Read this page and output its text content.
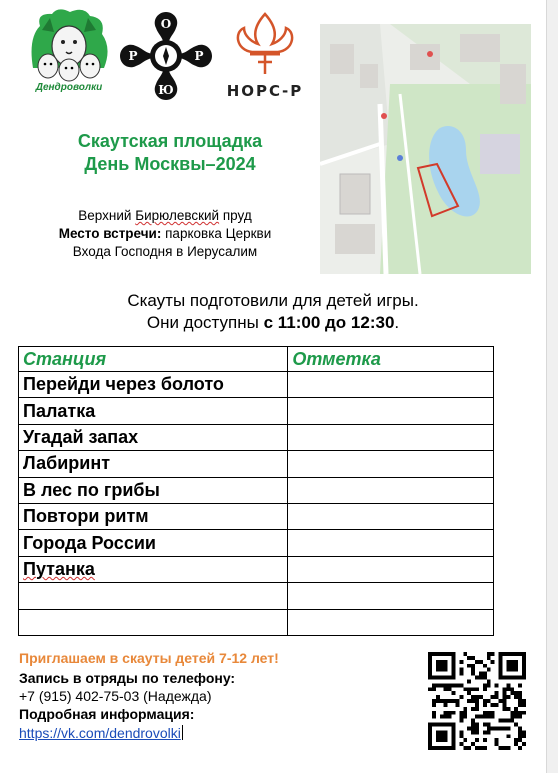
Дендроволки
О
Ю
Р	Р
НОРС-Р
Скаутская площадка
День Москвы–2024
Верхний Бирюлевский пруд
Место встречи: парковка Церкви
Входа Господня в Иерусалим
Скауты подготовили для детей игры.
Они доступны с 11:00 до 12:30.
Станция	Отметка
Перейди через болото	
Палатка	
Угадай запах	
Лабиринт	
В лес по грибы	
Повтори ритм	
Города России	
Путанка	

Приглашаем в скауты детей 7-12 лет!
Запись в отряды по телефону:
+7 (915) 402-75-03 (Надежда)
Подробная информация:
https://vk.com/dendrovolki
